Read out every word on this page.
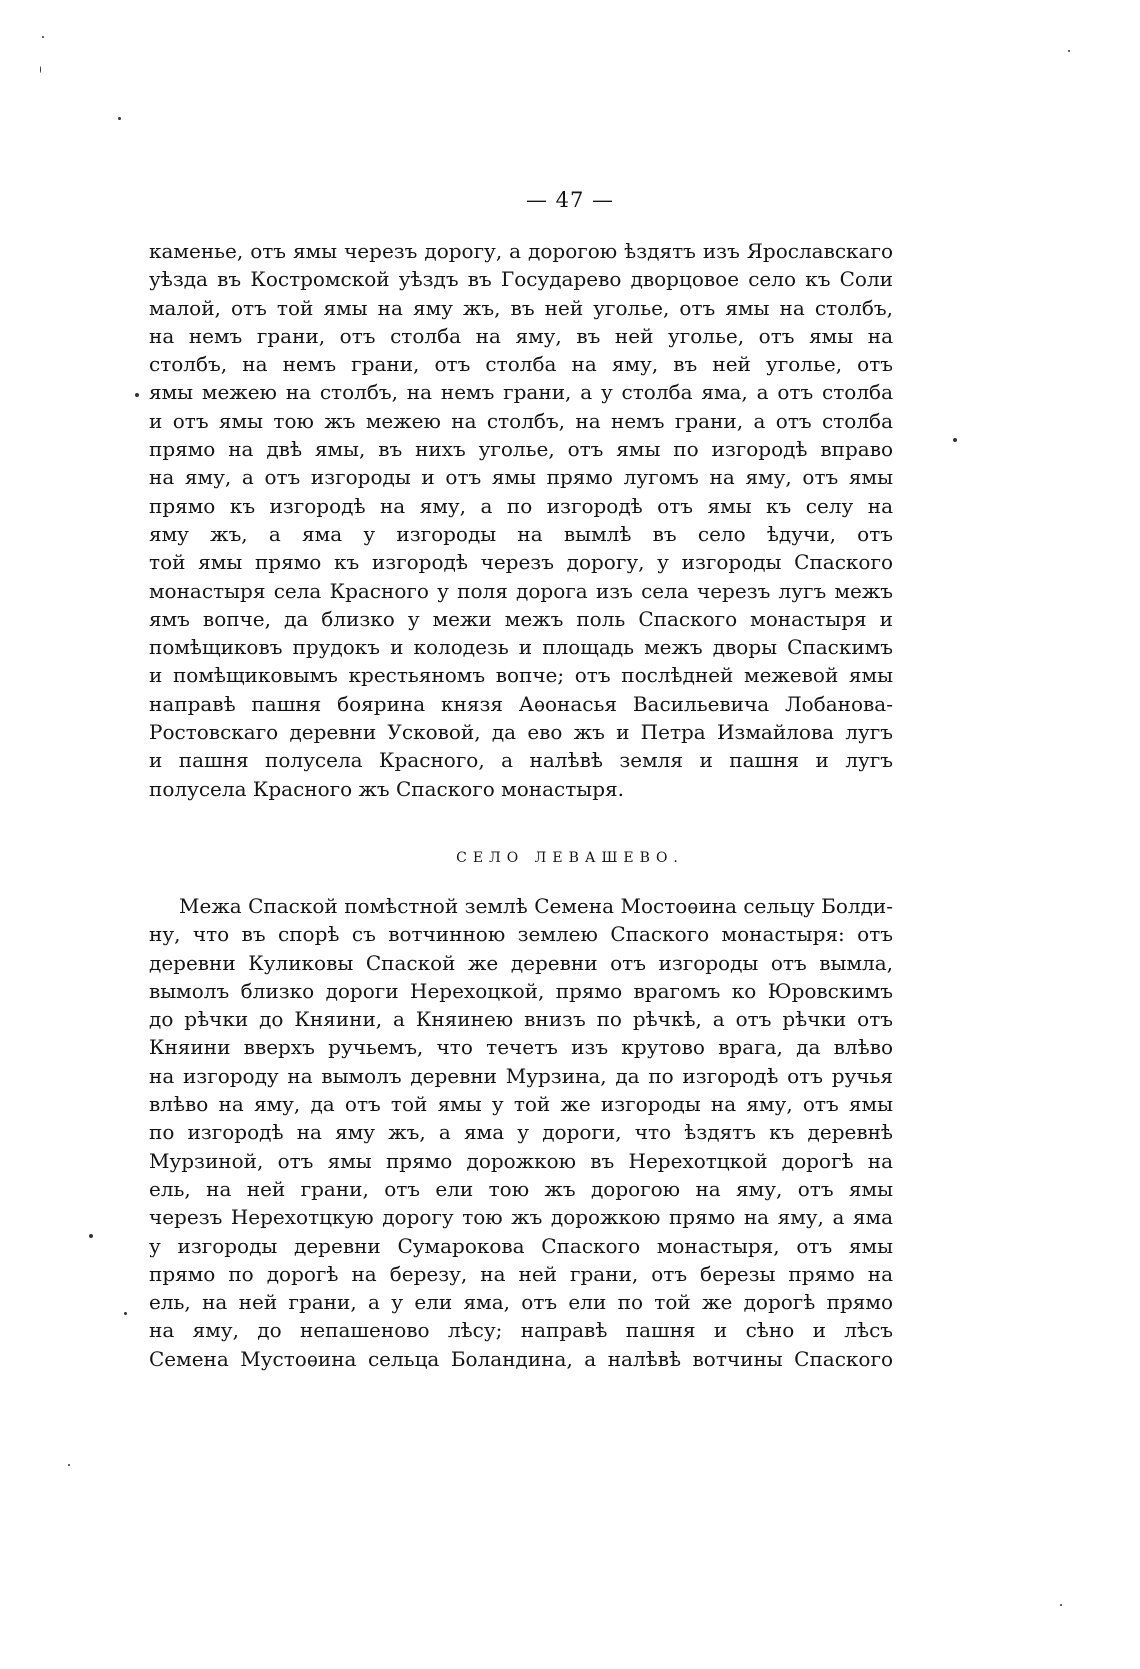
— 47 —
каменье, отъ ямы черезъ дорогу, а дорогою ѣздятъ изъ Ярославскаго
уѣзда въ Костромской уѣздъ въ Государево дворцовое село къ Соли
малой, отъ той ямы на яму жъ, въ ней уголье, отъ ямы на столбъ,
на немъ грани, отъ столба на яму, въ ней уголье, отъ ямы на
столбъ, на немъ грани, отъ столба на яму, въ ней уголье, отъ
ямы межею на столбъ, на немъ грани, а у столба яма, а отъ столба
и отъ ямы тою жъ межею на столбъ, на немъ грани, а отъ столба
прямо на двѣ ямы, въ нихъ уголье, отъ ямы по изгородѣ вправо
на яму, а отъ изгороды и отъ ямы прямо лугомъ на яму, отъ ямы
прямо къ изгородѣ на яму, а по изгородѣ отъ ямы къ селу на
яму жъ, а яма у изгороды на вымлѣ въ село ѣдучи, отъ
той ямы прямо къ изгородѣ черезъ дорогу, у изгороды Спаского
монастыря села Красного у поля дорога изъ села черезъ лугъ межъ
ямъ вопче, да близко у межи межъ поль Спаского монастыря и
помѣщиковъ прудокъ и колодезь и площадь межъ дворы Спаскимъ
и помѣщиковымъ крестьяномъ вопче; отъ послѣдней межевой ямы
направѣ пашня боярина князя Аѳонасья Васильевича Лобанова-
Ростовскаго деревни Усковой, да ево жъ и Петра Измайлова лугъ
и пашня полусела Красного, а налѣвѣ земля и пашня и лугъ
полусела Красного жъ Спаского монастыря.
СЕЛО ЛЕВАШЕВО.
Межа Спаской помѣстной землѣ Семена Мостоѳина сельцу Болди-
ну, что въ спорѣ съ вотчинною землею Спаского монастыря: отъ
деревни Куликовы Спаской же деревни отъ изгороды отъ вымла,
вымолъ близко дороги Нерехоцкой, прямо врагомъ ко Юровскимъ
до рѣчки до Княини, а Княинею внизъ по рѣчкѣ, а отъ рѣчки отъ
Княини вверхъ ручьемъ, что течетъ изъ крутово врага, да влѣво
на изгороду на вымолъ деревни Мурзина, да по изгородѣ отъ ручья
влѣво на яму, да отъ той ямы у той же изгороды на яму, отъ ямы
по изгородѣ на яму жъ, а яма у дороги, что ѣздятъ къ деревнѣ
Мурзиной, отъ ямы прямо дорожкою въ Нерехотцкой дорогѣ на
ель, на ней грани, отъ ели тою жъ дорогою на яму, отъ ямы
черезъ Нерехотцкую дорогу тою жъ дорожкою прямо на яму, а яма
у изгороды деревни Сумарокова Спаского монастыря, отъ ямы
прямо по дорогѣ на березу, на ней грани, отъ березы прямо на
ель, на ней грани, а у ели яма, отъ ели по той же дорогѣ прямо
на яму, до непашеново лѣсу; направѣ пашня и сѣно и лѣсъ
Семена Мустоѳина сельца Боландина, а налѣвѣ вотчины Спаского
